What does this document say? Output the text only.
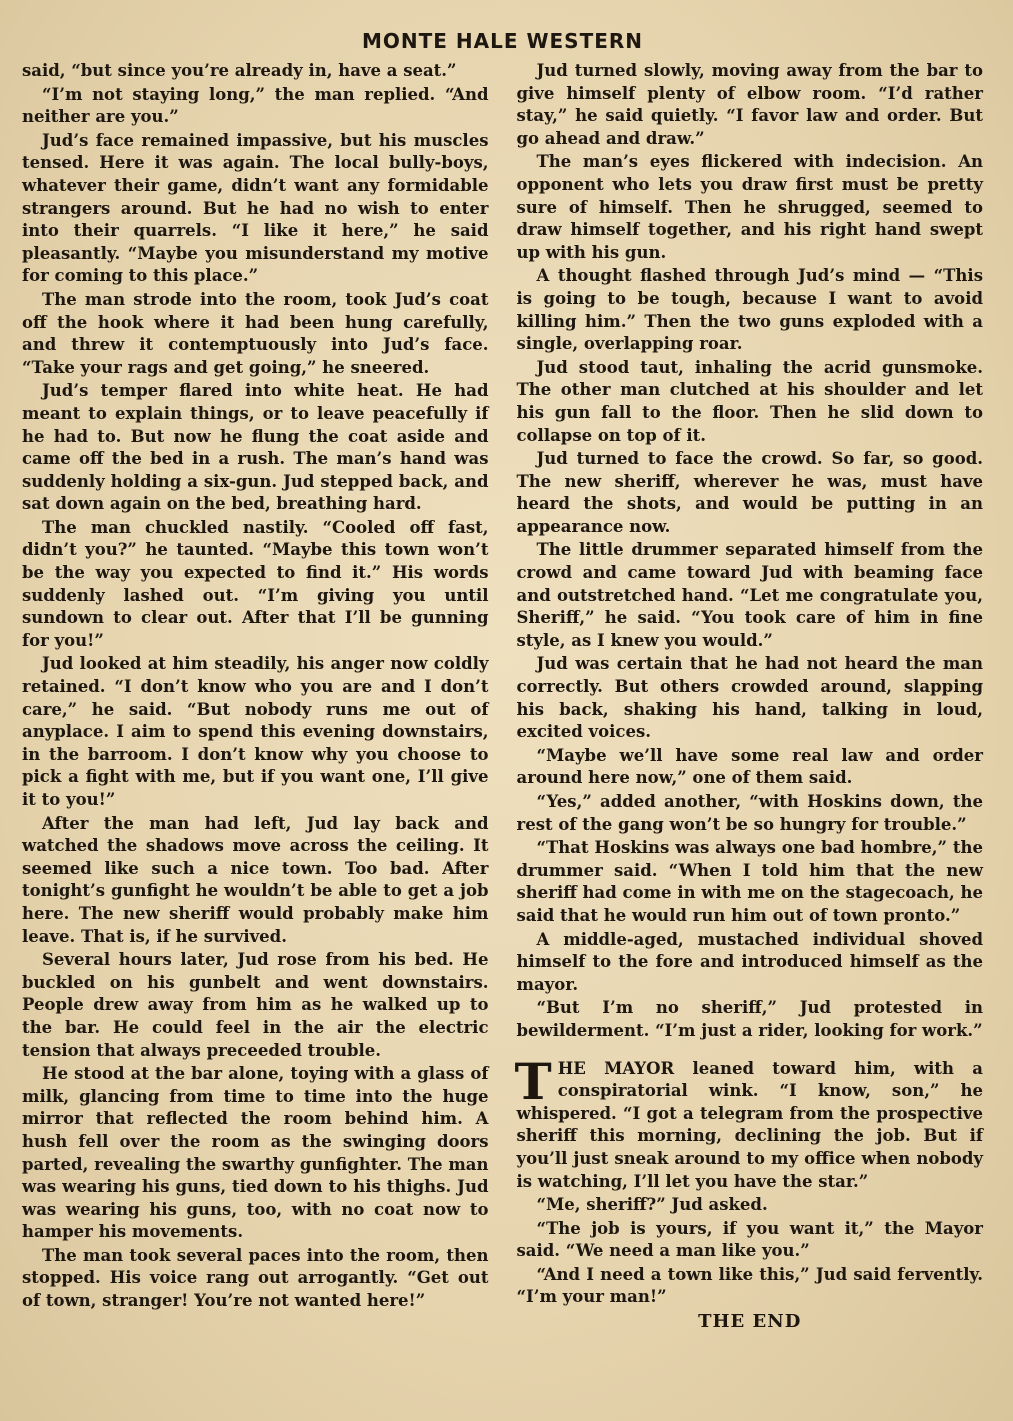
MONTE HALE WESTERN

said, “but since you’re already in, have a seat.”

“I’m not staying long,” the man replied. “And neither are you.”

Jud’s face remained impassive, but his muscles tensed. Here it was again. The local bully-boys, whatever their game, didn’t want any formidable strangers around. But he had no wish to enter into their quarrels. “I like it here,” he said pleasantly. “Maybe you misunderstand my motive for coming to this place.”

The man strode into the room, took Jud’s coat off the hook where it had been hung carefully, and threw it contemptuously into Jud’s face. “Take your rags and get going,” he sneered.

Jud’s temper flared into white heat. He had meant to explain things, or to leave peacefully if he had to. But now he flung the coat aside and came off the bed in a rush. The man’s hand was suddenly holding a six-gun. Jud stepped back, and sat down again on the bed, breathing hard.

The man chuckled nastily. “Cooled off fast, didn’t you?” he taunted. “Maybe this town won’t be the way you expected to find it.” His words suddenly lashed out. “I’m giving you until sundown to clear out. After that I’ll be gunning for you!”

Jud looked at him steadily, his anger now coldly retained. “I don’t know who you are and I don’t care,” he said. “But nobody runs me out of anyplace. I aim to spend this evening downstairs, in the barroom. I don’t know why you choose to pick a fight with me, but if you want one, I’ll give it to you!”

After the man had left, Jud lay back and watched the shadows move across the ceiling. It seemed like such a nice town. Too bad. After tonight’s gunfight he wouldn’t be able to get a job here. The new sheriff would probably make him leave. That is, if he survived.

Several hours later, Jud rose from his bed. He buckled on his gunbelt and went downstairs. People drew away from him as he walked up to the bar. He could feel in the air the electric tension that always preceeded trouble.

He stood at the bar alone, toying with a glass of milk, glancing from time to time into the huge mirror that reflected the room behind him. A hush fell over the room as the swinging doors parted, revealing the swarthy gunfighter. The man was wearing his guns, tied down to his thighs. Jud was wearing his guns, too, with no coat now to hamper his movements.

The man took several paces into the room, then stopped. His voice rang out arrogantly. “Get out of town, stranger! You’re not wanted here!”

Jud turned slowly, moving away from the bar to give himself plenty of elbow room. “I’d rather stay,” he said quietly. “I favor law and order. But go ahead and draw.”

The man’s eyes flickered with indecision. An opponent who lets you draw first must be pretty sure of himself. Then he shrugged, seemed to draw himself together, and his right hand swept up with his gun.

A thought flashed through Jud’s mind — “This is going to be tough, because I want to avoid killing him.” Then the two guns exploded with a single, overlapping roar.

Jud stood taut, inhaling the acrid gunsmoke. The other man clutched at his shoulder and let his gun fall to the floor. Then he slid down to collapse on top of it.

Jud turned to face the crowd. So far, so good. The new sheriff, wherever he was, must have heard the shots, and would be putting in an appearance now.

The little drummer separated himself from the crowd and came toward Jud with beaming face and outstretched hand. “Let me congratulate you, Sheriff,” he said. “You took care of him in fine style, as I knew you would.”

Jud was certain that he had not heard the man correctly. But others crowded around, slapping his back, shaking his hand, talking in loud, excited voices.

“Maybe we’ll have some real law and order around here now,” one of them said.

“Yes,” added another, “with Hoskins down, the rest of the gang won’t be so hungry for trouble.”

“That Hoskins was always one bad hombre,” the drummer said. “When I told him that the new sheriff had come in with me on the stagecoach, he said that he would run him out of town pronto.”

A middle-aged, mustached individual shoved himself to the fore and introduced himself as the mayor.

“But I’m no sheriff,” Jud protested in bewilderment. “I’m just a rider, looking for work.”

THE MAYOR leaned toward him, with a conspiratorial wink. “I know, son,” he whispered. “I got a telegram from the prospective sheriff this morning, declining the job. But if you’ll just sneak around to my office when nobody is watching, I’ll let you have the star.”

“Me, sheriff?” Jud asked.

“The job is yours, if you want it,” the Mayor said. “We need a man like you.”

“And I need a town like this,” Jud said fervently. “I’m your man!”

THE END
